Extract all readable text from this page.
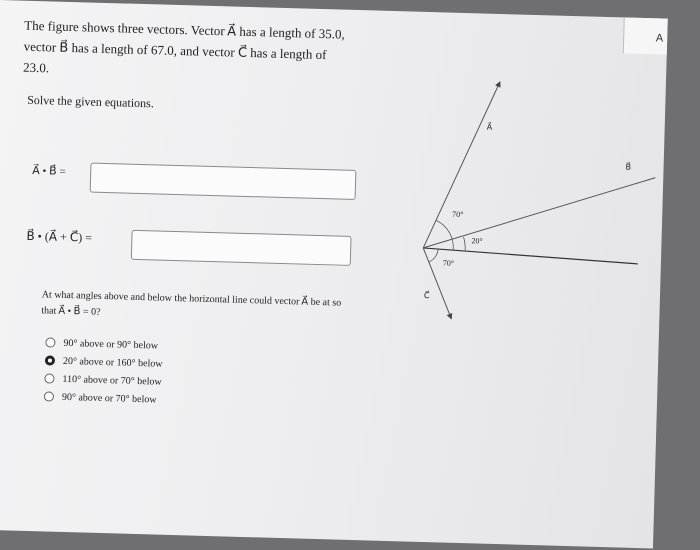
A
The figure shows three vectors. Vector A⃗ has a length of 35.0, vector B⃗ has a length of 67.0, and vector C⃗ has a length of 23.0.
Solve the given equations.
A⃗ • B⃗ =
B⃗ • (A⃗ + C⃗) =
At what angles above and below the horizontal line could vector A⃗ be at so that A⃗ • B⃗ = 0?
90° above or 90° below
20° above or 160° below
110° above or 70° below
90° above or 70° below
A⃗
B⃗
C⃗
70°
20°
70°
